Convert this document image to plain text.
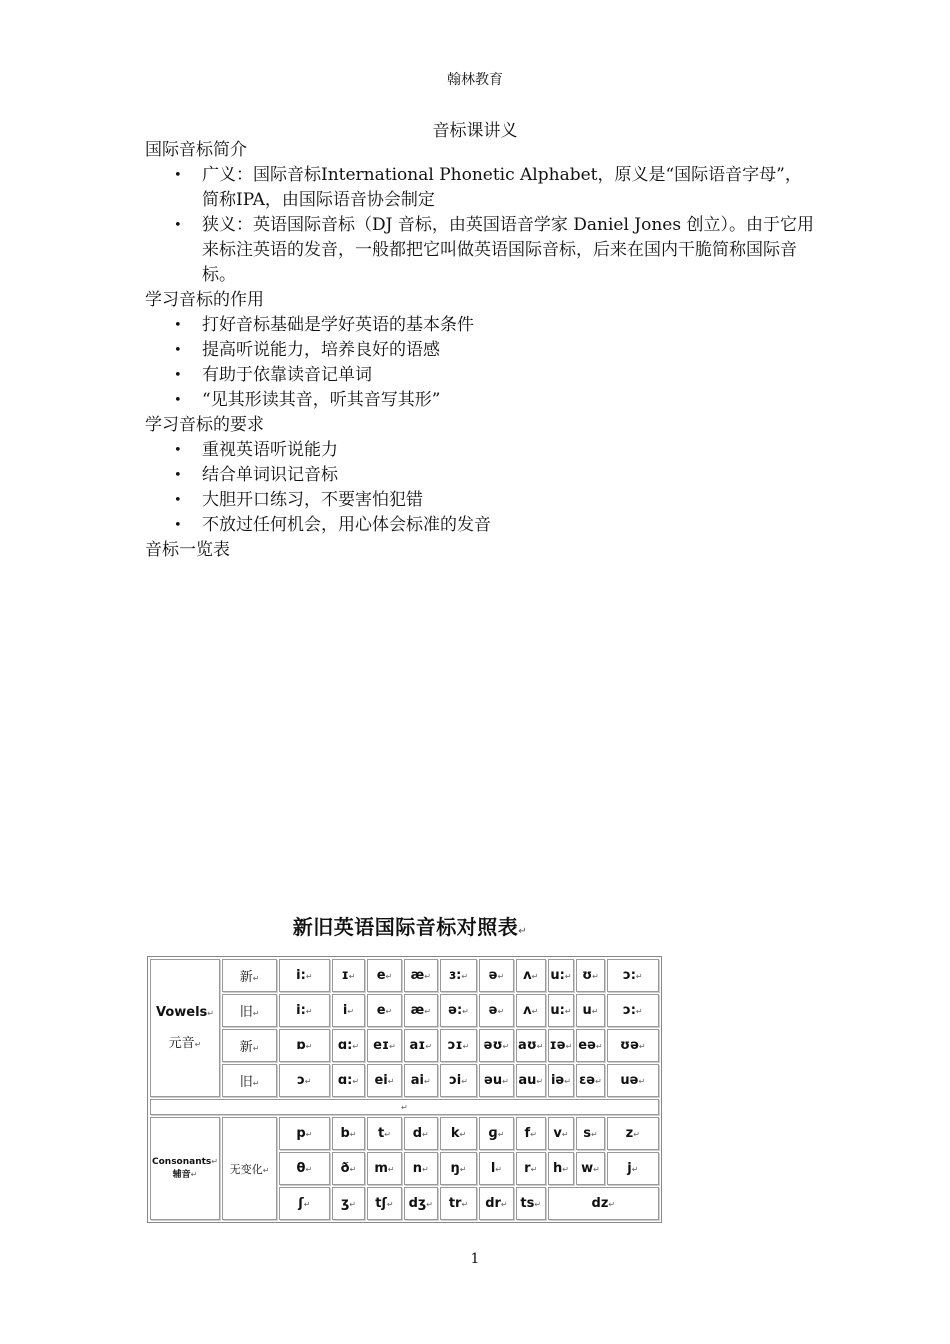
翰林教育
音标课讲义

国际音标简介

• 广义：国际音标International Phonetic Alphabet，原义是“国际语音字母”，简称IPA，由国际语音协会制定
• 狭义：英语国际音标（DJ 音标，由英国语音学家 Daniel Jones 创立）。由于它用来标注英语的发音，一般都把它叫做英语国际音标，后来在国内干脆简称国际音标。

学习音标的作用

• 打好音标基础是学好英语的基本条件
• 提高听说能力，培养良好的语感
• 有助于依靠读音记单词
• “见其形读其音，听其音写其形”

学习音标的要求

• 重视英语听说能力
• 结合单词识记音标
• 大胆开口练习，不要害怕犯错
• 不放过任何机会，用心体会标准的发音

音标一览表

新旧英语国际音标对照表↵
Vowels↵
元音↵	新↵	i:↵	ɪ↵	e↵	æ↵	ɜ:↵	ə↵	ʌ↵	u:↵	ʊ↵	ɔ:↵
	旧↵	i:↵	i↵	e↵	æ↵	ə:↵	ə↵	ʌ↵	u:↵	u↵	ɔ:↵
	新↵	ɒ↵	ɑ:↵	eɪ↵	aɪ↵	ɔɪ↵	əʊ↵	aʊ↵	ɪə↵	eə↵	ʊə↵
	旧↵	ɔ↵	ɑ:↵	ei↵	ai↵	ɔi↵	əu↵	au↵	iə↵	ɛə↵	uə↵
↵											

Consonants↵
辅音↵	无变化↵	p↵	b↵	t↵	d↵	k↵	ɡ↵	f↵	v↵	s↵	z↵
		θ↵	ð↵	m↵	n↵	ŋ↵	l↵	r↵	h↵	w↵	j↵
		ʃ↵	ʒ↵	tʃ↵	dʒ↵	tr↵	dr↵	ts↵	dz↵		
1
